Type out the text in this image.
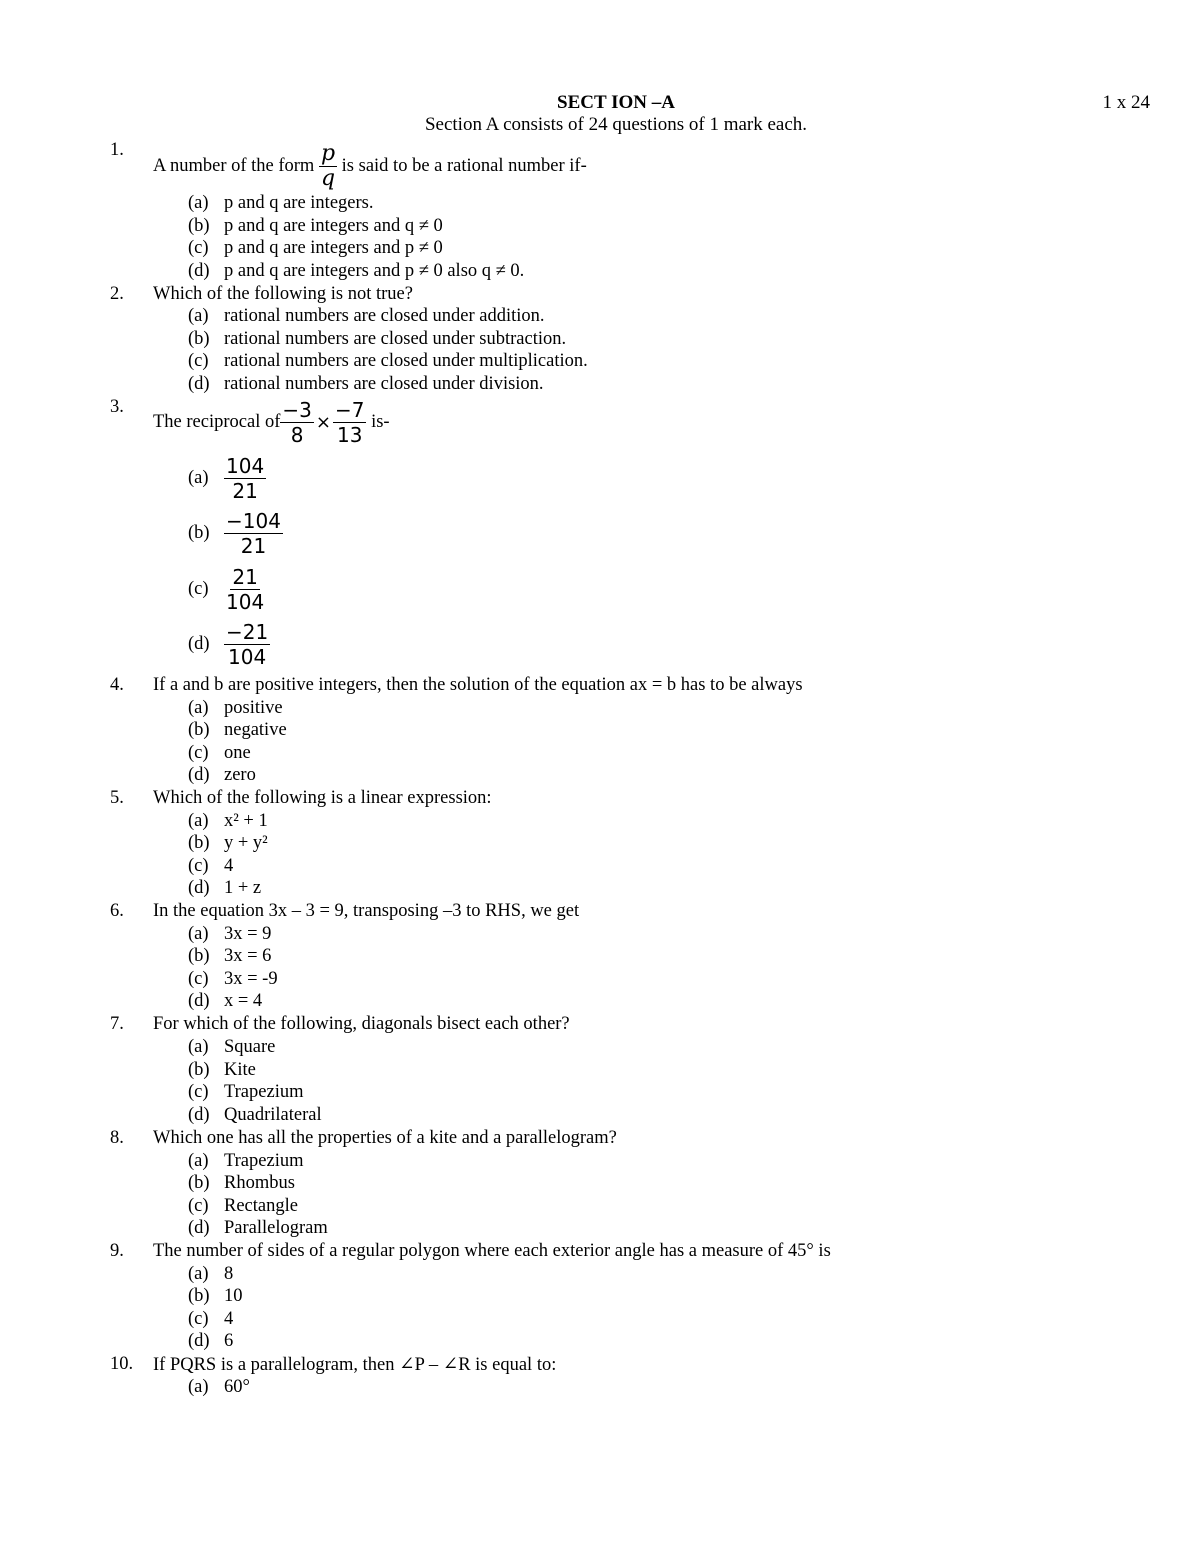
SECT ION –A	1 x 24
Section A consists of 24 questions of 1 mark each.
1.
A number of the form $\frac{p}{q}$ is said to be a rational number if-
(a) p and q are integers.
(b) p and q are integers and q ≠ 0
(c) p and q are integers and p ≠ 0
(d) p and q are integers and p ≠ 0 also q ≠ 0.
2. Which of the following is not true?
(a) rational numbers are closed under addition.
(b) rational numbers are closed under subtraction.
(c) rational numbers are closed under multiplication.
(d) rational numbers are closed under division.
3.
The reciprocal of $\frac{-3}{8} \times \frac{-7}{13} is-$
$(a) \frac{104}{21}$
$(b) \frac{-104}{21}$
$(c) \frac{21}{104}$
$(d) \frac{-21}{104}$
4. If a and b are positive integers, then the solution of the equation ax = b has to be always
(a) positive
(b) negative
(c) one
(d) zero
5. Which of the following is a linear expression:
(a) x² + 1
(b) y + y²
(c) 4
(d) 1 + z
6. In the equation 3x – 3 = 9, transposing –3 to RHS, we get
(a) 3x = 9
(b) 3x = 6
(c) 3x = -9
(d) x = 4
7. For which of the following, diagonals bisect each other?
(a) Square
(b) Kite
(c) Trapezium
(d) Quadrilateral
8. Which one has all the properties of a kite and a parallelogram?
(a) Trapezium
(b) Rhombus
(c) Rectangle
(d) Parallelogram
9. The number of sides of a regular polygon where each exterior angle has a measure of 45° is
(a) 8
(b) 10
(c) 4
(d) 6
10. If PQRS is a parallelogram, then ∠P – ∠R is equal to:
(a) 60°
